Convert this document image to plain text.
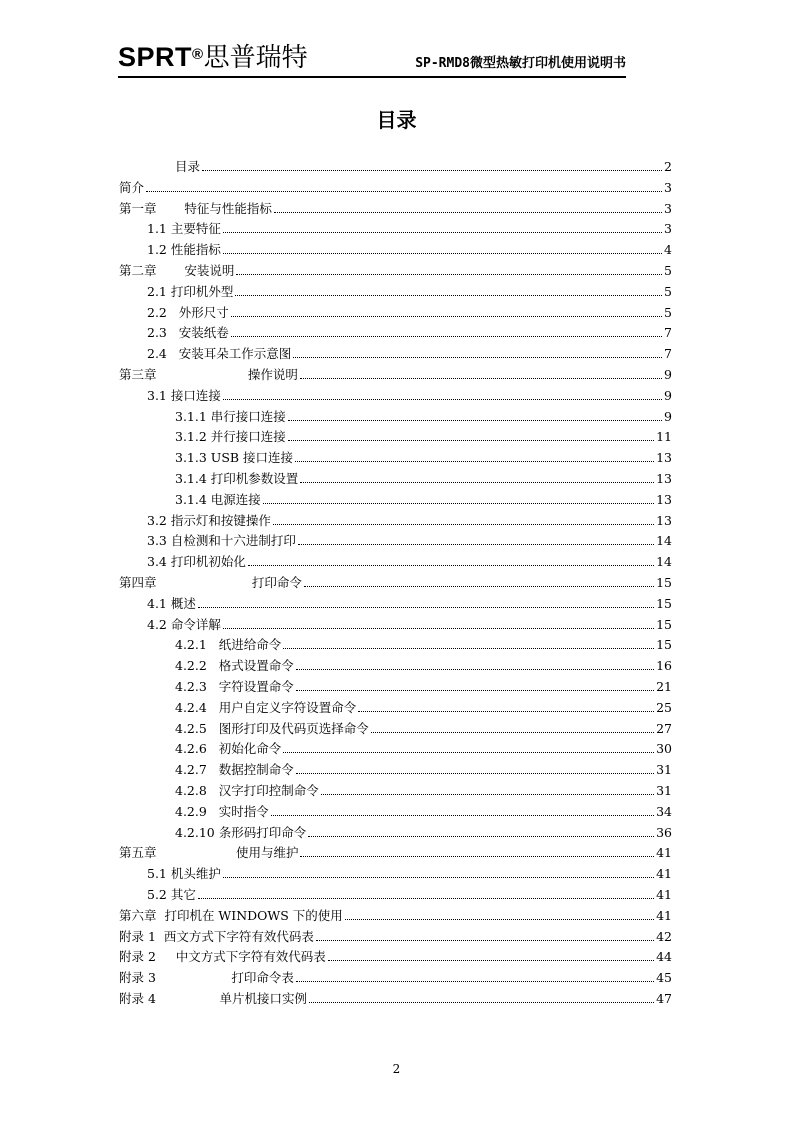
SPRT®思普瑞特	SP-RMD8微型热敏打印机使用说明书
目录
目录	2
简介	3
第一章       特征与性能指标	3
1.1 主要特征	3
1.2 性能指标	4
第二章       安装说明	5
2.1 打印机外型	5
2.2   外形尺寸	5
2.3   安装纸卷	7
2.4   安装耳朵工作示意图	7
第三章                       操作说明	9
3.1 接口连接	9
3.1.1 串行接口连接	9
3.1.2 并行接口连接	11
3.1.3 USB 接口连接	13
3.1.4 打印机参数设置	13
3.1.4 电源连接	13
3.2 指示灯和按键操作	13
3.3 自检测和十六进制打印	14
3.4 打印机初始化	14
第四章                        打印命令	15
4.1 概述	15
4.2 命令详解	15
4.2.1   纸进给命令	15
4.2.2   格式设置命令	16
4.2.3   字符设置命令	21
4.2.4   用户自定义字符设置命令	25
4.2.5   图形打印及代码页选择命令	27
4.2.6   初始化命令	30
4.2.7   数据控制命令	31
4.2.8   汉字打印控制命令	31
4.2.9   实时指令	34
4.2.10 条形码打印命令	36
第五章                    使用与维护	41
5.1 机头维护	41
5.2 其它	41
第六章  打印机在 WINDOWS 下的使用	41
附录 1  西文方式下字符有效代码表	42
附录 2     中文方式下字符有效代码表	44
附录 3                   打印命令表	45
附录 4                单片机接口实例	47
2
